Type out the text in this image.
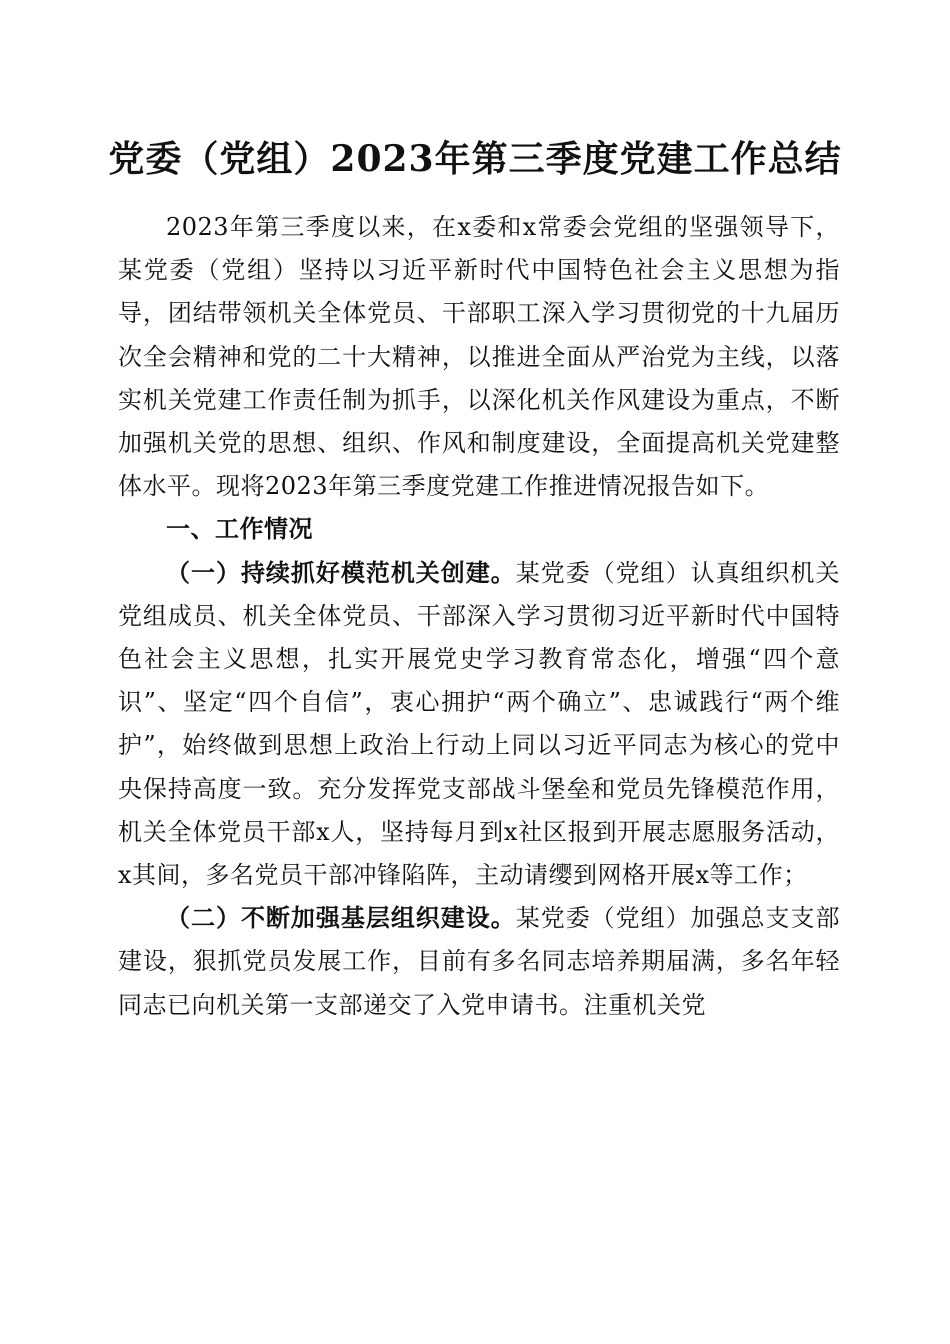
党委（党组）2023年第三季度党建工作总结

2023年第三季度以来，在x委和x常委会党组的坚强领导下，某党委（党组）坚持以习近平新时代中国特色社会主义思想为指导，团结带领机关全体党员、干部职工深入学习贯彻党的十九届历次全会精神和党的二十大精神，以推进全面从严治党为主线，以落实机关党建工作责任制为抓手，以深化机关作风建设为重点，不断加强机关党的思想、组织、作风和制度建设，全面提高机关党建整体水平。现将2023年第三季度党建工作推进情况报告如下。

一、工作情况

（一）持续抓好模范机关创建。某党委（党组）认真组织机关党组成员、机关全体党员、干部深入学习贯彻习近平新时代中国特色社会主义思想，扎实开展党史学习教育常态化，增强“四个意识”、坚定“四个自信”，衷心拥护“两个确立”、忠诚践行“两个维护”，始终做到思想上政治上行动上同以习近平同志为核心的党中央保持高度一致。充分发挥党支部战斗堡垒和党员先锋模范作用，机关全体党员干部x人，坚持每月到x社区报到开展志愿服务活动，x其间，多名党员干部冲锋陷阵，主动请缨到网格开展x等工作；

（二）不断加强基层组织建设。某党委（党组）加强总支支部建设，狠抓党员发展工作，目前有多名同志培养期届满，多名年轻同志已向机关第一支部递交了入党申请书。注重机关党
